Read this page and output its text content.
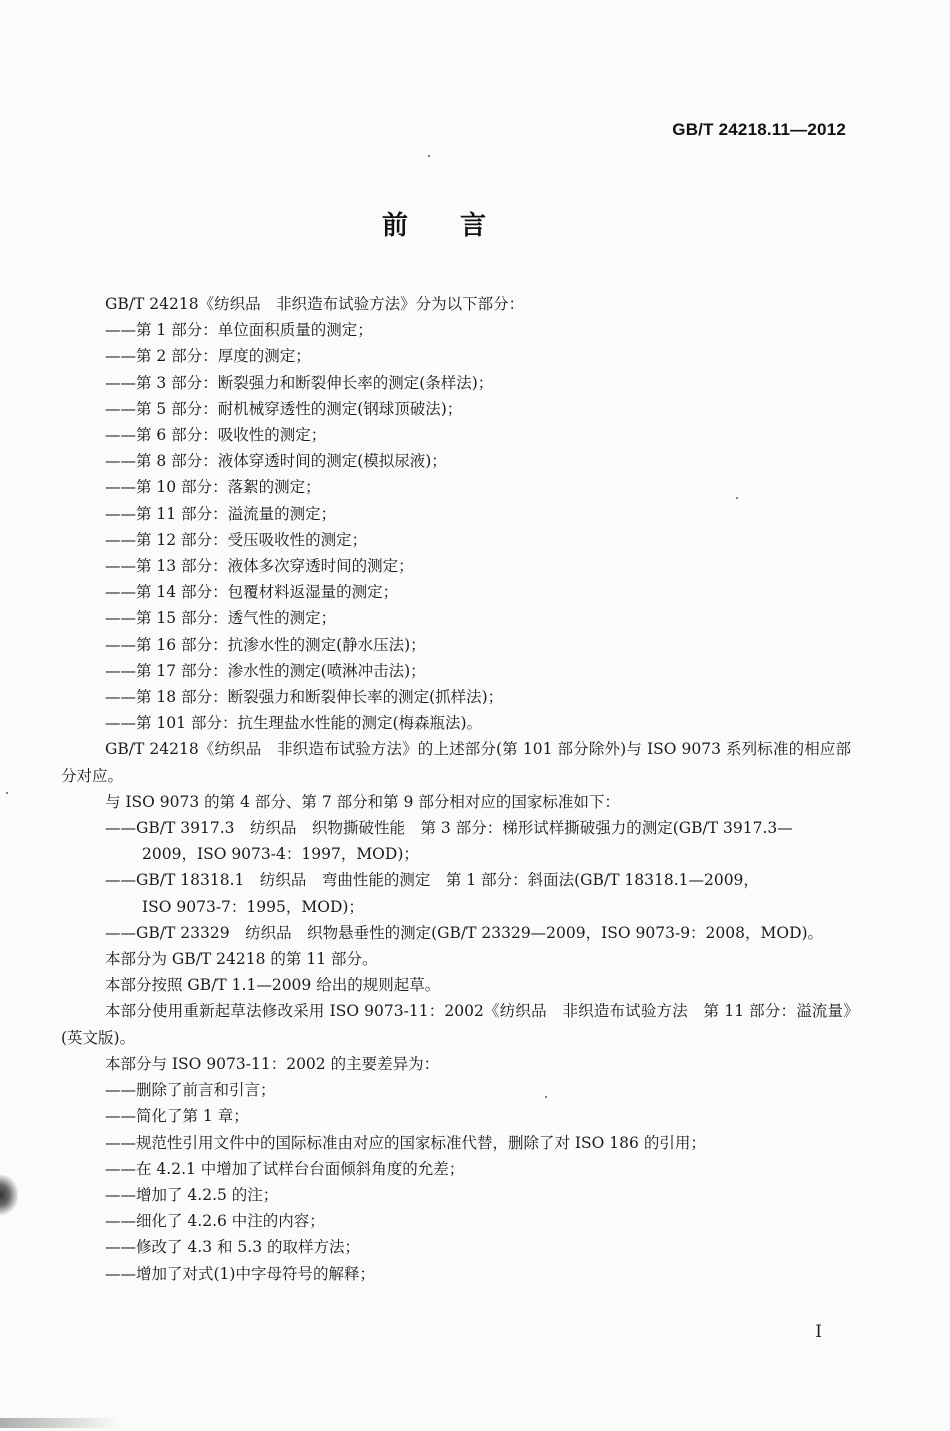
GB/T 24218.11—2012
前言

GB/T 24218《纺织品　非织造布试验方法》分为以下部分：

——第 1 部分：单位面积质量的测定；

——第 2 部分：厚度的测定；

——第 3 部分：断裂强力和断裂伸长率的测定(条样法)；

——第 5 部分：耐机械穿透性的测定(钢球顶破法)；

——第 6 部分：吸收性的测定；

——第 8 部分：液体穿透时间的测定(模拟尿液)；

——第 10 部分：落絮的测定；

——第 11 部分：溢流量的测定；

——第 12 部分：受压吸收性的测定；

——第 13 部分：液体多次穿透时间的测定；

——第 14 部分：包覆材料返湿量的测定；

——第 15 部分：透气性的测定；

——第 16 部分：抗渗水性的测定(静水压法)；

——第 17 部分：渗水性的测定(喷淋冲击法)；

——第 18 部分：断裂强力和断裂伸长率的测定(抓样法)；

——第 101 部分：抗生理盐水性能的测定(梅森瓶法)。

GB/T 24218《纺织品　非织造布试验方法》的上述部分(第 101 部分除外)与 ISO 9073 系列标准的相应部分对应。

与 ISO 9073 的第 4 部分、第 7 部分和第 9 部分相对应的国家标准如下：

——GB/T 3917.3　纺织品　织物撕破性能　第 3 部分：梯形试样撕破强力的测定(GB/T 3917.3—

2009，ISO 9073-4：1997，MOD)；

——GB/T 18318.1　纺织品　弯曲性能的测定　第 1 部分：斜面法(GB/T 18318.1—2009，

ISO 9073-7：1995，MOD)；

——GB/T 23329　纺织品　织物悬垂性的测定(GB/T 23329—2009，ISO 9073-9：2008，MOD)。

本部分为 GB/T 24218 的第 11 部分。

本部分按照 GB/T 1.1—2009 给出的规则起草。

本部分使用重新起草法修改采用 ISO 9073-11：2002《纺织品　非织造布试验方法　第 11 部分：溢流量》(英文版)。

本部分与 ISO 9073-11：2002 的主要差异为：

——删除了前言和引言；

——简化了第 1 章；

——规范性引用文件中的国际标准由对应的国家标准代替，删除了对 ISO 186 的引用；

——在 4.2.1 中增加了试样台台面倾斜角度的允差；

——增加了 4.2.5 的注；

——细化了 4.2.6 中注的内容；

——修改了 4.3 和 5.3 的取样方法；

——增加了对式(1)中字母符号的解释；

I
